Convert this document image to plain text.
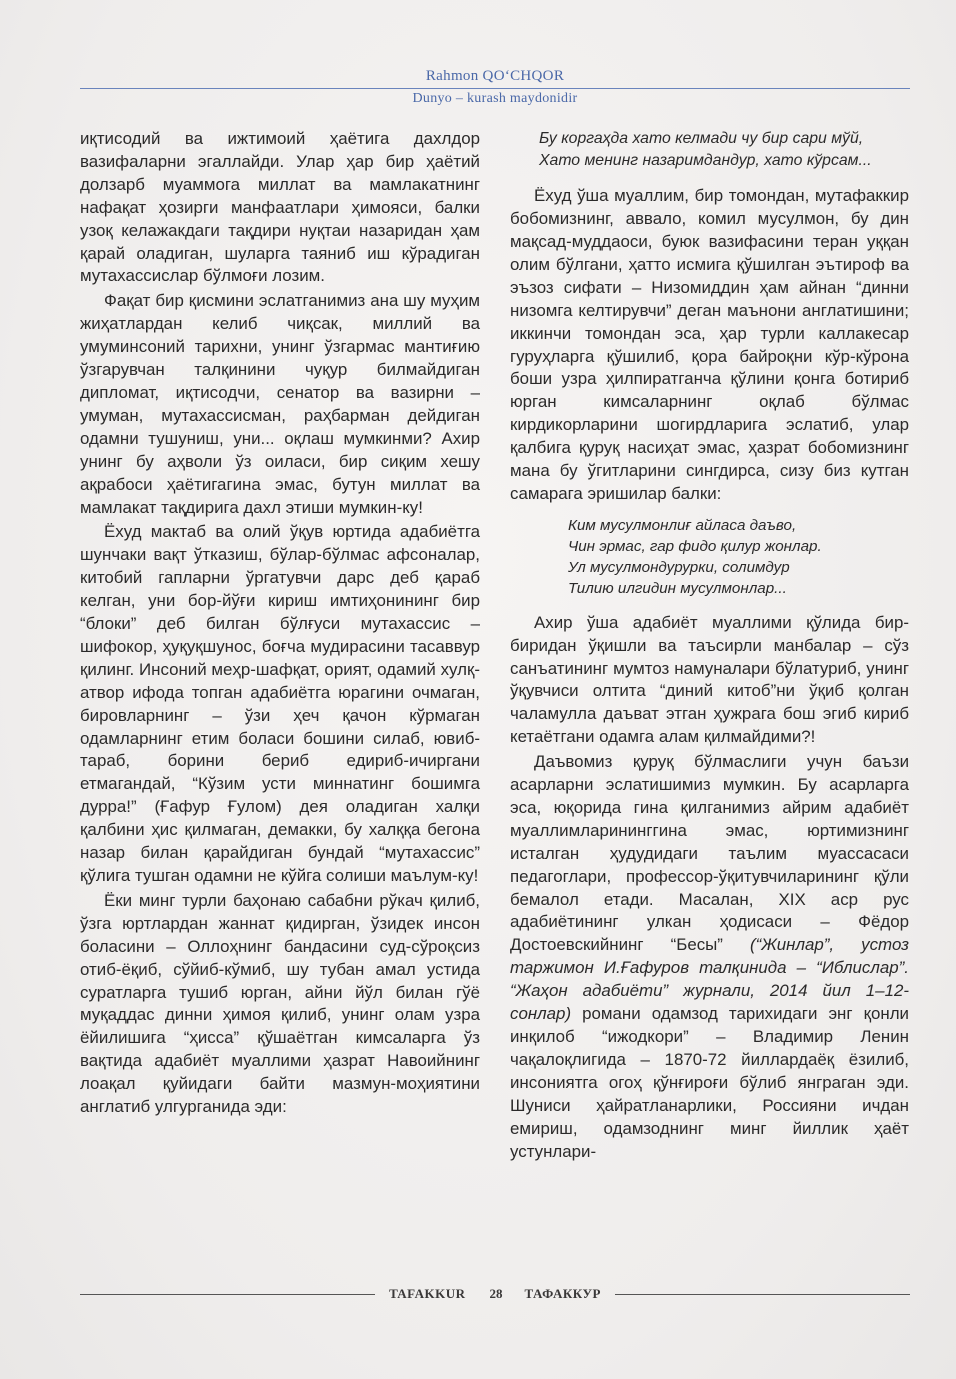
Rahmon QO‘CHQOR
Dunyo – kurash maydonidir

иқтисодий ва ижтимоий ҳаётига дахлдор вазифаларни эгаллайди. Улар ҳар бир ҳаётий долзарб муаммога миллат ва мамлакатнинг нафақат ҳозирги манфаатлари ҳимояси, балки узоқ келажакдаги тақдири нуқтаи назаридан ҳам қарай оладиган, шуларга таяниб иш кўрадиган мутахассислар бўлмоғи лозим.

Фақат бир қисмини эслатганимиз ана шу муҳим жиҳатлардан келиб чиқсак, миллий ва умуминсоний тарихни, унинг ўзгармас мантиғию ўзгарувчан талқинини чуқур билмайдиган дипломат, иқтисодчи, сенатор ва вазирни – умуман, мутахассисман, раҳбарман дейдиган одамни тушуниш, уни... оқлаш мумкинми? Ахир унинг бу аҳволи ўз оиласи, бир сиқим хешу ақрабоси ҳаётигагина эмас, бутун миллат ва мамлакат тақдирига дахл этиши мумкин-ку!

Ёхуд мактаб ва олий ўқув юртида адабиётга шунчаки вақт ўтказиш, бўлар-бўлмас афсоналар, китобий гапларни ўргатувчи дарс деб қараб келган, уни бор-йўғи кириш имтиҳонининг бир “блоки” деб билган бўлғуси мутахассис – шифокор, ҳуқуқшунос, боғча мудирасини тасаввур қилинг. Инсоний меҳр-шафқат, орият, одамий хулқ-атвор ифода топган адабиётга юрагини очмаган, бировларнинг – ўзи ҳеч қачон кўрмаган одамларнинг етим боласи бошини силаб, ювиб-тараб, борини бериб едириб-ичиргани етмагандай, “Кўзим усти миннатинг бошимга дурра!” (Ғафур Ғулом) дея оладиган халқи қалбини ҳис қилмаган, демакки, бу халққа бегона назар билан қарайдиган бундай “мутахассис” қўлига тушган одамни не кўйга солиши маълум-ку!

Ёки минг турли баҳонаю сабабни рўкач қилиб, ўзга юртлардан жаннат қидирган, ўзидек инсон боласини – Оллоҳнинг бандасини суд-сўроқсиз отиб-ёқиб, сўйиб-кўмиб, шу тубан амал устида суратларга тушиб юрган, айни йўл билан гўё муқаддас динни ҳимоя қилиб, унинг олам узра ёйилишига “ҳисса” қўшаётган кимсаларга ўз вақтида адабиёт муаллими ҳазрат Навоийнинг лоақал қуйидаги байти мазмун-моҳиятини англатиб улгурганида эди:

Бу коргаҳда хато келмади чу бир сари мўй,
Хато менинг назаримдандур, хато кўрсам...

Ёхуд ўша муаллим, бир томондан, мутафаккир бобомизнинг, аввало, комил мусулмон, бу дин мақсад-муддаоси, буюк вазифасини теран уққан олим бўлгани, ҳатто исмига қўшилган эътироф ва эъзоз сифати – Низомиддин ҳам айнан “динни низомга келтирувчи” деган маънони англатишини; иккинчи томондан эса, ҳар турли каллакесар гуруҳларга қўшилиб, қора байроқни кўр-кўрона боши узра ҳилпиратганча қўлини қонга ботириб юрган кимсаларнинг оқлаб бўлмас кирдикорларини шогирдларига эслатиб, улар қалбига қуруқ насиҳат эмас, ҳазрат бобомизнинг мана бу ўгитларини сингдирса, сизу биз кутган самарага эришилар балки:

Ким мусулмонлиғ айласа даъво,
Чин эрмас, гар фидо қилур жонлар.
Ул мусулмондурурки, солимдур
Тилию илгидин мусулмонлар...

Ахир ўша адабиёт муаллими қўлида бир-биридан ўқишли ва таъсирли манбалар – сўз санъатининг мумтоз намуналари бўлатуриб, унинг ўқувчиси олтита “диний китоб”ни ўқиб қолган чаламулла даъват этган ҳужрага бош эгиб кириб кетаётгани одамга алам қилмайдими?!

Даъвомиз қуруқ бўлмаслиги учун баъзи асарларни эслатишимиз мумкин. Бу асарларга эса, юқорида гина қилганимиз айрим адабиёт муаллимларининггина эмас, юртимизнинг исталган ҳудудидаги таълим муассасаси педагоглари, профессор-ўқитувчиларининг қўли бемалол етади. Масалан, XIX аср рус адабиётининг улкан ҳодисаси – Фёдор Достоевскийнинг “Бесы” (“Жинлар”, устоз таржимон И.Ғафуров талқинида – “Иблислар”. “Жаҳон адабиёти” журнали, 2014 йил 1–12-сонлар) романи одамзод тарихидаги энг қонли инқилоб “ижодкори” – Владимир Ленин чақалоқлигида – 1870-72 йиллардаёқ ёзилиб, инсониятга огоҳ қўнғироғи бўлиб янграган эди. Шуниси ҳайратланарлики, Россияни ичдан емириш, одамзоднинг минг йиллик ҳаёт устунлари-

TAFAKKUR 28 ТАФАККУР
